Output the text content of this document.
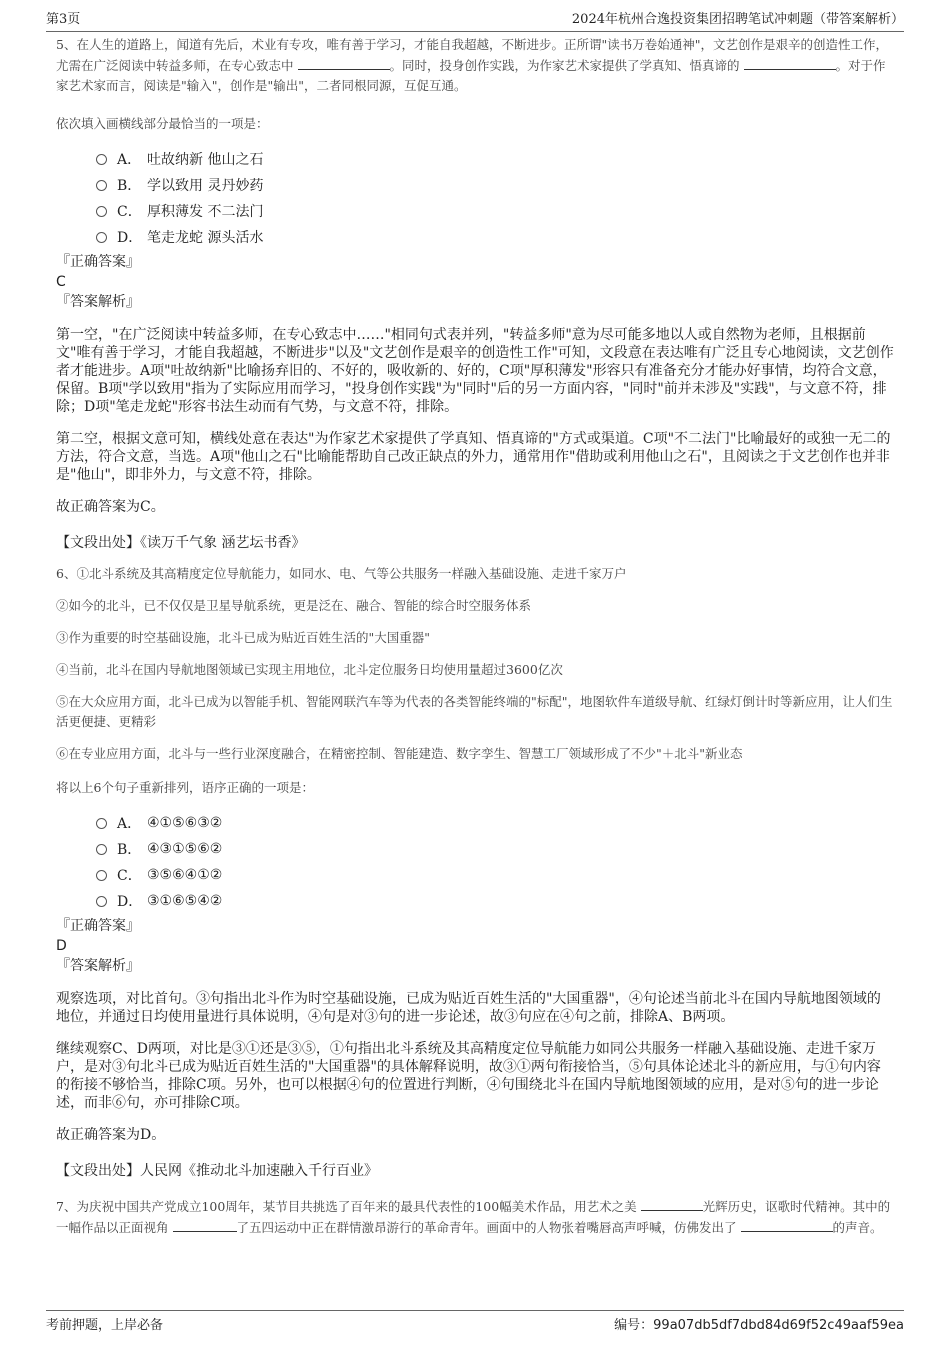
第3页	2024年杭州合逸投资集团招聘笔试冲刺题（带答案解析）
5、在人生的道路上，闻道有先后，术业有专攻，唯有善于学习，才能自我超越，不断进步。正所谓"读书万卷始通神"，文艺创作是艰辛的创造性工作，尤需在广泛阅读中转益多师，在专心致志中	。同时，投身创作实践，为作家艺术家提供了学真知、悟真谛的	。对于作家艺术家而言，阅读是"输入"，创作是"输出"，二者同根同源，互促互通。
依次填入画横线部分最恰当的一项是：
A． 吐故纳新 他山之石
B． 学以致用 灵丹妙药
C． 厚积薄发 不二法门
D． 笔走龙蛇 源头活水
『正确答案』
C
『答案解析』
第一空，"在广泛阅读中转益多师，在专心致志中……"相同句式表并列，"转益多师"意为尽可能多地以人或自然物为老师，且根据前文"唯有善于学习，才能自我超越，不断进步"以及"文艺创作是艰辛的创造性工作"可知，文段意在表达唯有广泛且专心地阅读，文艺创作者才能进步。A项"吐故纳新"比喻扬弃旧的、不好的，吸收新的、好的，C项"厚积薄发"形容只有准备充分才能办好事情，均符合文意，保留。B项"学以致用"指为了实际应用而学习，"投身创作实践"为"同时"后的另一方面内容，"同时"前并未涉及"实践"，与文意不符，排除；D项"笔走龙蛇"形容书法生动而有气势，与文意不符，排除。
第二空，根据文意可知，横线处意在表达"为作家艺术家提供了学真知、悟真谛的"方式或渠道。C项"不二法门"比喻最好的或独一无二的方法，符合文意，当选。A项"他山之石"比喻能帮助自己改正缺点的外力，通常用作"借助或利用他山之石"，且阅读之于文艺创作也并非是"他山"，即非外力，与文意不符，排除。
故正确答案为C。
【文段出处】《读万千气象 涵艺坛书香》
6、①北斗系统及其高精度定位导航能力，如同水、电、气等公共服务一样融入基础设施、走进千家万户
②如今的北斗，已不仅仅是卫星导航系统，更是泛在、融合、智能的综合时空服务体系
③作为重要的时空基础设施，北斗已成为贴近百姓生活的"大国重器"
④当前，北斗在国内导航地图领域已实现主用地位，北斗定位服务日均使用量超过3600亿次
⑤在大众应用方面，北斗已成为以智能手机、智能网联汽车等为代表的各类智能终端的"标配"，地图软件车道级导航、红绿灯倒计时等新应用，让人们生活更便捷、更精彩
⑥在专业应用方面，北斗与一些行业深度融合，在精密控制、智能建造、数字孪生、智慧工厂领域形成了不少"＋北斗"新业态
将以上6个句子重新排列，语序正确的一项是：
A． ④①⑤⑥③②
B． ④③①⑤⑥②
C． ③⑤⑥④①②
D． ③①⑥⑤④②
『正确答案』
D
『答案解析』
观察选项，对比首句。③句指出北斗作为时空基础设施，已成为贴近百姓生活的"大国重器"，④句论述当前北斗在国内导航地图领域的地位，并通过日均使用量进行具体说明，④句是对③句的进一步论述，故③句应在④句之前，排除A、B两项。
继续观察C、D两项，对比是③①还是③⑤，①句指出北斗系统及其高精度定位导航能力如同公共服务一样融入基础设施、走进千家万户，是对③句北斗已成为贴近百姓生活的"大国重器"的具体解释说明，故③①两句衔接恰当，⑤句具体论述北斗的新应用，与①句内容的衔接不够恰当，排除C项。另外，也可以根据④句的位置进行判断，④句围绕北斗在国内导航地图领域的应用，是对⑤句的进一步论述，而非⑥句，亦可排除C项。
故正确答案为D。
【文段出处】人民网《推动北斗加速融入千行百业》
7、为庆祝中国共产党成立100周年，某节目共挑选了百年来的最具代表性的100幅美术作品，用艺术之美	光辉历史，讴歌时代精神。其中的一幅作品以正面视角	了五四运动中正在群情激昂游行的革命青年。画面中的人物张着嘴唇高声呼喊，仿佛发出了	的声音。
考前押题，上岸必备	编号：99a07db5df7dbd84d69f52c49aaf59ea
